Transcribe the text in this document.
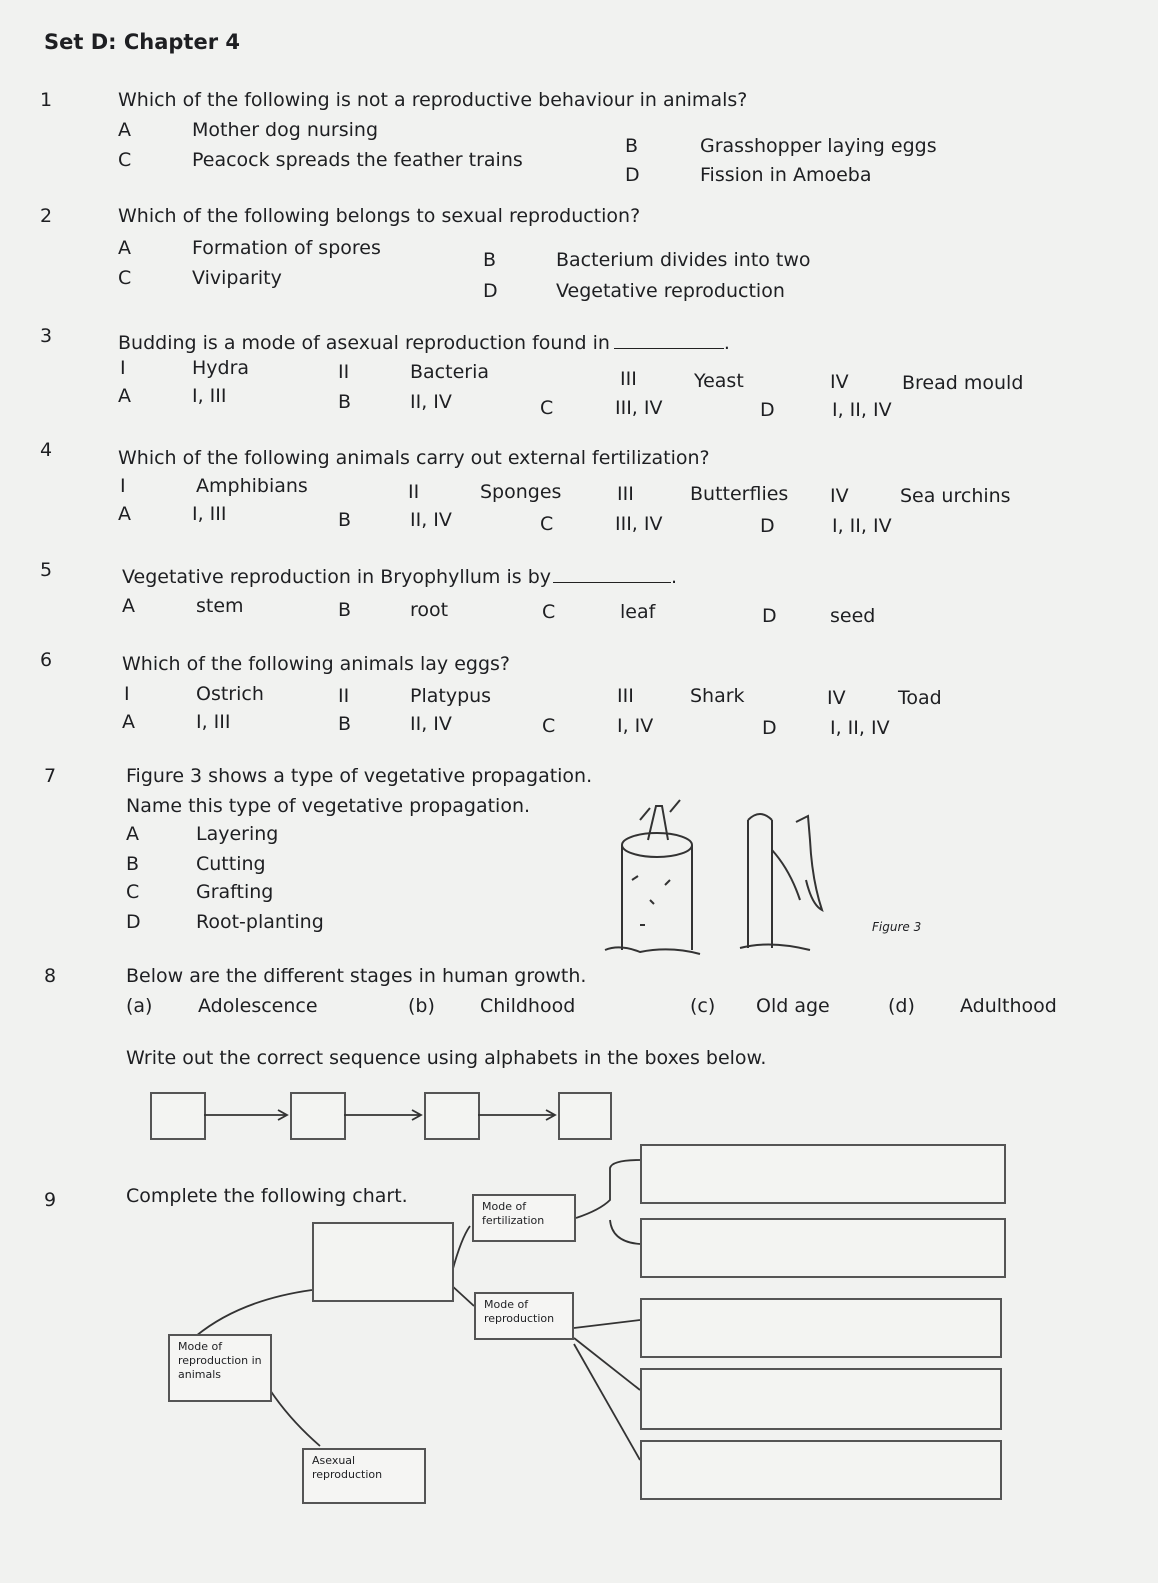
Set D: Chapter 4
1	Which of the following is not a reproductive behaviour in animals?
A	Mother dog nursing
B	Grasshopper laying eggs
C	Peacock spreads the feather trains
D	Fission in Amoeba
2	Which of the following belongs to sexual reproduction?
A	Formation of spores
B	Bacterium divides into two
C	Viviparity
D	Vegetative reproduction
3	Budding is a mode of asexual reproduction found in	.
I	Hydra	II	Bacteria	III	Yeast	IV	Bread mould
A	I, III	B	II, IV	C	III, IV	D	I, II, IV
4	Which of the following animals carry out external fertilization?
I	Amphibians	II	Sponges	III	Butterflies IV	Sea urchins
A	I, III	B	II, IV	C	III, IV	D	I, II, IV
5	Vegetative reproduction in Bryophyllum is by	.
A	stem	B	root	C	leaf	D	seed
6	Which of the following animals lay eggs?
I	Ostrich	II	Platypus	III	Shark	IV	Toad
A	I, III	B	II, IV	C	I, IV	D	I, II, IV
7	Figure 3 shows a type of vegetative propagation.
Name this type of vegetative propagation.
A	Layering
B	Cutting
C	Grafting
D	Root-planting	Figure 3
8	Below are the different stages in human growth.
(a) Adolescence	(b) Childhood	(c) Old age	(d) Adulthood
Write out the correct sequence using alphabets in the boxes below.
9	Complete the following chart.	Mode of fertilization
Mode of reproduction
Mode of reproduction in animals
Asexual reproduction
